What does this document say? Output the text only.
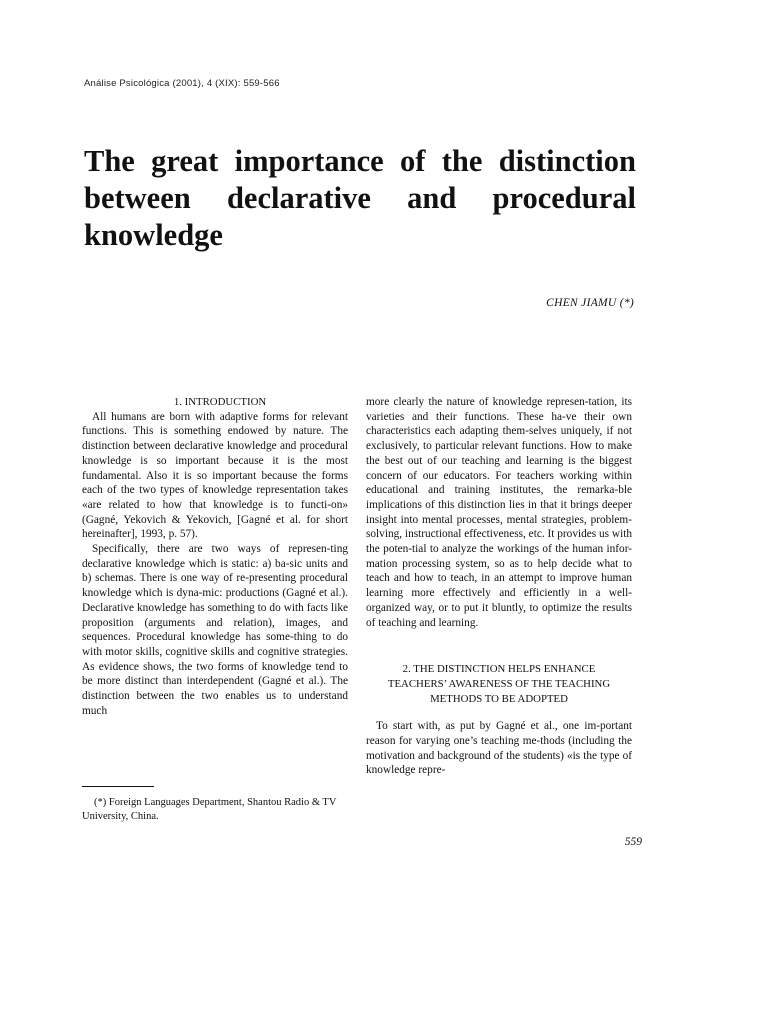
Análise Psicológica (2001), 4 (XIX): 559-566
The great importance of the distinction between declarative and procedural knowledge
CHEN JIAMU (*)

1. INTRODUCTION

All humans are born with adaptive forms for relevant functions. This is something endowed by nature. The distinction between declarative knowledge and procedural knowledge is so important because it is the most fundamental. Also it is so important because the forms each of the two types of knowledge representation takes «are related to how that knowledge is to functi-on» (Gagné, Yekovich & Yekovich, [Gagné et al. for short hereinafter], 1993, p. 57).

Specifically, there are two ways of represen-ting declarative knowledge which is static: a) ba-sic units and b) schemas. There is one way of re-presenting procedural knowledge which is dyna-mic: productions (Gagné et al.). Declarative knowledge has something to do with facts like proposition (arguments and relation), images, and sequences. Procedural knowledge has some-thing to do with motor skills, cognitive skills and cognitive strategies. As evidence shows, the two forms of knowledge tend to be more distinct than interdependent (Gagné et al.). The distinction between the two enables us to understand much

more clearly the nature of knowledge represen-tation, its varieties and their functions. These ha-ve their own characteristics each adapting them-selves uniquely, if not exclusively, to particular relevant functions. How to make the best out of our teaching and learning is the biggest concern of our educators. For teachers working within educational and training institutes, the remarka-ble implications of this distinction lies in that it brings deeper insight into mental processes, mental strategies, problem-solving, instructional effectiveness, etc. It provides us with the poten-tial to analyze the workings of the human infor-mation processing system, so as to help decide what to teach and how to teach, in an attempt to improve human learning more effectively and efficiently in a well-organized way, or to put it bluntly, to optimize the results of teaching and learning.

2. THE DISTINCTION HELPS ENHANCE
TEACHERS’ AWARENESS OF THE TEACHING
METHODS TO BE ADOPTED

To start with, as put by Gagné et al., one im-portant reason for varying one’s teaching me-thods (including the motivation and background of the students) «is the type of knowledge repre-

(*) Foreign Languages Department, Shantou Radio & TV University, China.
559
